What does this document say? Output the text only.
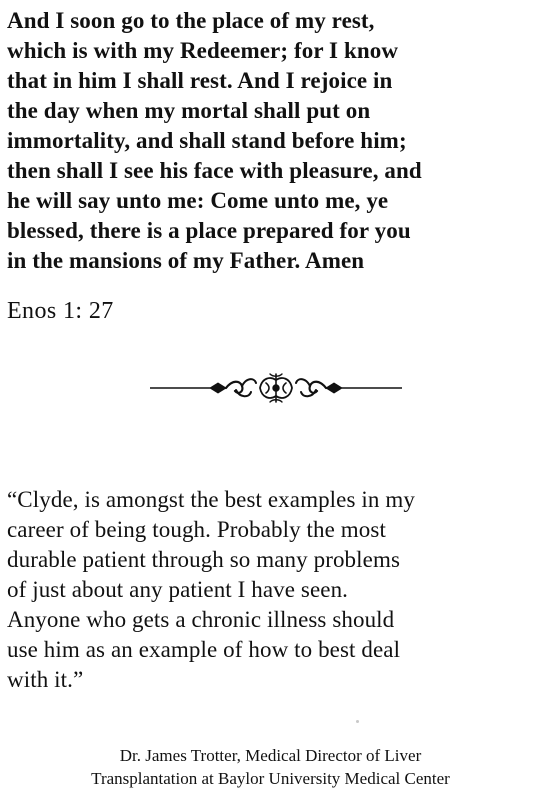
And I soon go to the place of my rest,
which is with my Redeemer; for I know
that in him I shall rest. And I rejoice in
the day when my mortal shall put on
immortality, and shall stand before him;
then shall I see his face with pleasure, and
he will say unto me: Come unto me, ye
blessed, there is a place prepared for you
in the mansions of my Father. Amen
Enos 1: 27
“Clyde, is amongst the best examples in my
career of being tough. Probably the most
durable patient through so many problems
of just about any patient I have seen.
Anyone who gets a chronic illness should
use him as an example of how to best deal
with it.”
Dr. James Trotter, Medical Director of Liver
Transplantation at Baylor University Medical Center
